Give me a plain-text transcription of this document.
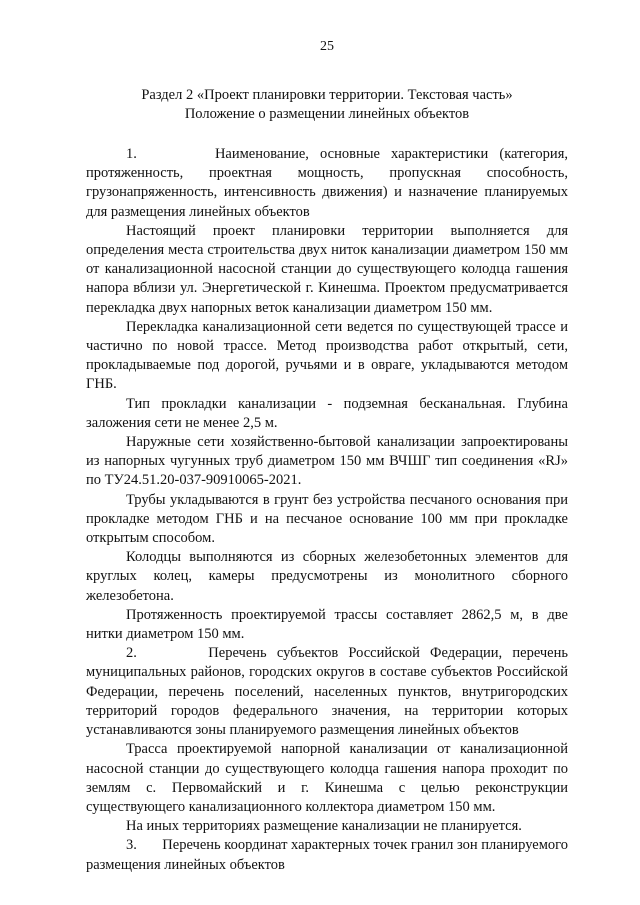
25
Раздел 2 «Проект планировки территории. Текстовая часть»
Положение о размещении линейных объектов

1.       Наименование, основные характеристики (категория, протяженность, проектная мощность, пропускная способность, грузонапряженность, интенсивность движения) и назначение планируемых для размещения линейных объектов

Настоящий проект планировки территории выполняется для определения места строительства двух ниток канализации диаметром 150 мм от канализационной насосной станции до существующего колодца гашения напора вблизи ул. Энергетической г. Кинешма. Проектом предусматривается перекладка двух напорных веток канализации диаметром 150 мм.

Перекладка канализационной сети ведется по существующей трассе и частично по новой трассе. Метод производства работ открытый, сети, прокладываемые под дорогой, ручьями и в овраге, укладываются методом ГНБ.

Тип прокладки канализации - подземная бесканальная. Глубина заложения сети не менее 2,5 м.

Наружные сети хозяйственно-бытовой канализации запроектированы из напорных чугунных труб диаметром 150 мм ВЧШГ тип соединения «RJ» по ТУ24.51.20-037-90910065-2021.

Трубы укладываются в грунт без устройства песчаного основания при прокладке методом ГНБ и на песчаное основание 100 мм при прокладке открытым способом.

Колодцы выполняются из сборных железобетонных элементов для круглых колец, камеры предусмотрены из монолитного сборного железобетона.

Протяженность проектируемой трассы составляет 2862,5 м, в две нитки диаметром 150 мм.

2.       Перечень субъектов Российской Федерации, перечень муниципальных районов, городских округов в составе субъектов Российской Федерации, перечень поселений, населенных пунктов, внутригородских территорий городов федерального значения, на территории которых устанавливаются зоны планируемого размещения линейных объектов

Трасса проектируемой напорной канализации от канализационной насосной станции до существующего колодца гашения напора проходит по землям с. Первомайский и г. Кинешма с целью реконструкции существующего канализационного коллектора диаметром 150 мм.

На иных территориях размещение канализации не планируется.

3.       Перечень координат характерных точек гранил зон планируемого размещения линейных объектов
